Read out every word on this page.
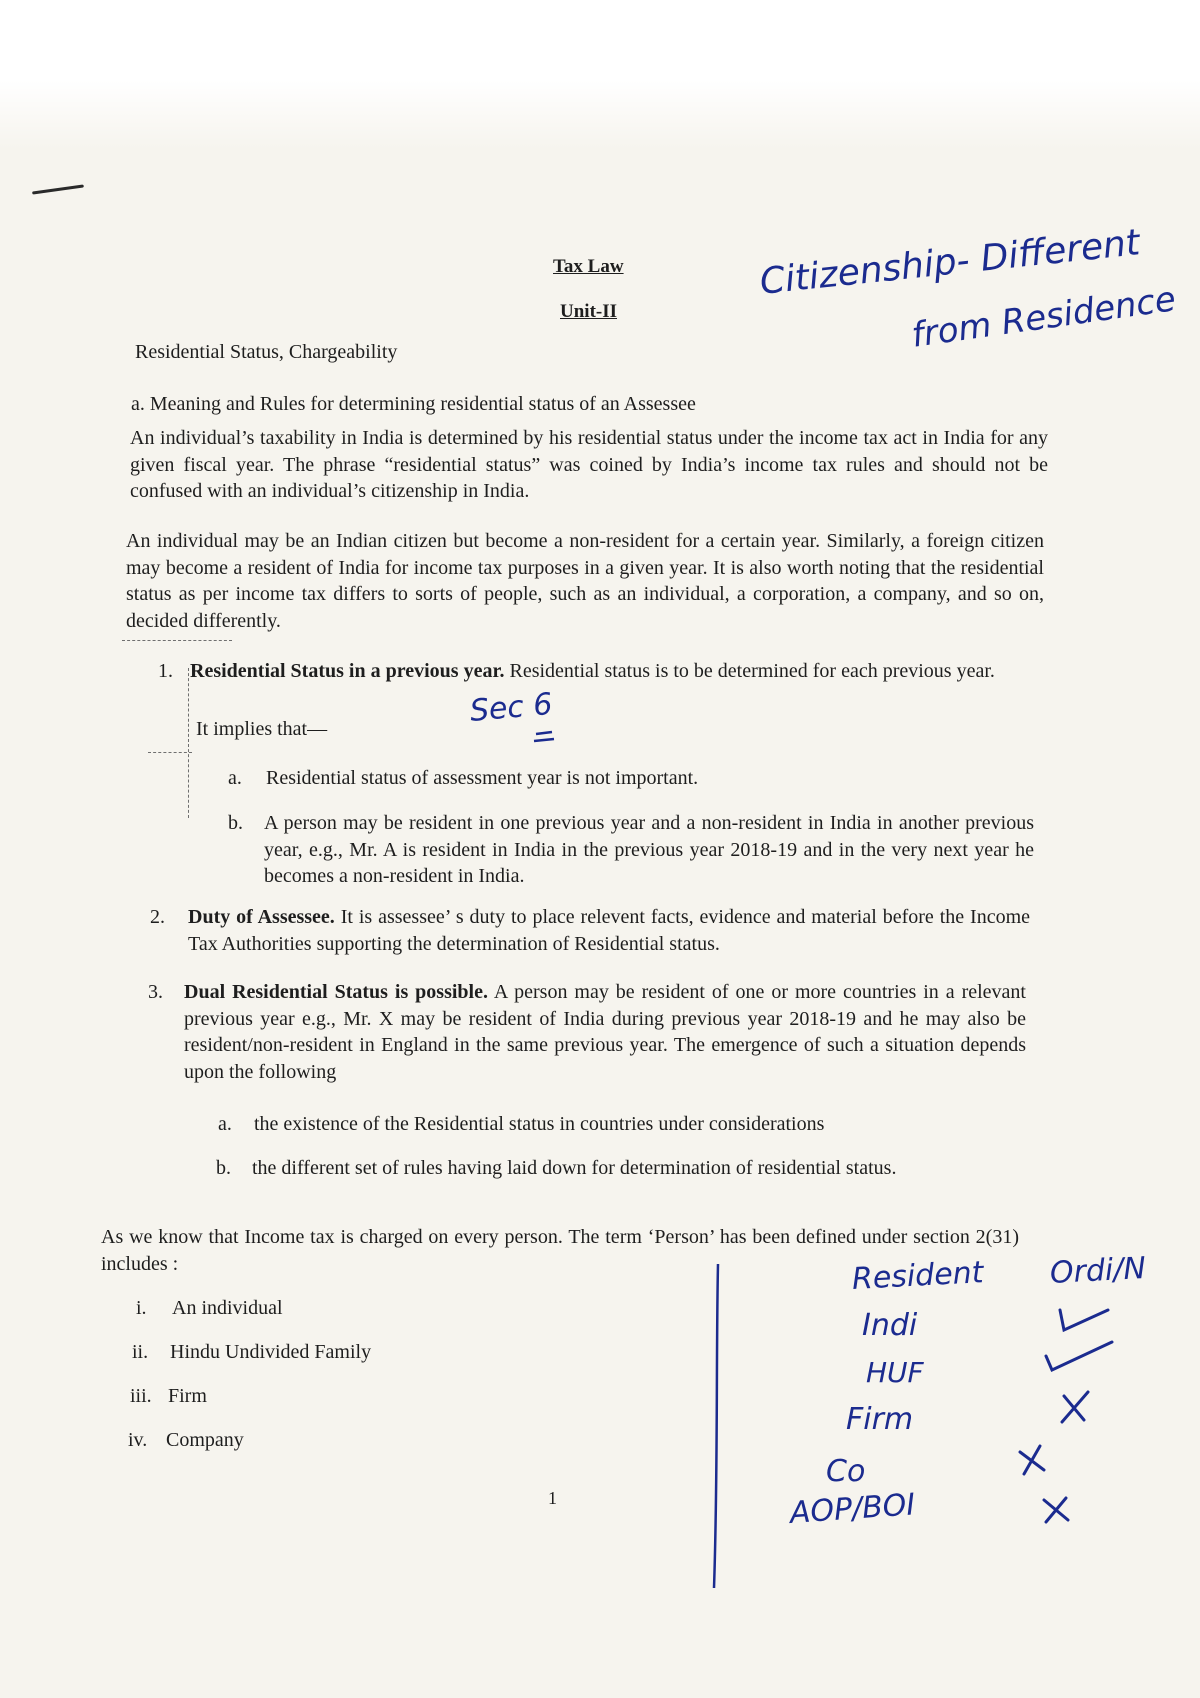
Tax Law
Unit-II
Residential Status, Chargeability
a. Meaning and Rules for determining residential status of an Assessee
An individual’s taxability in India is determined by his residential status under the income tax act in India for any given fiscal year. The phrase “residential status” was coined by India’s income tax rules and should not be confused with an individual’s citizenship in India.
An individual may be an Indian citizen but become a non-resident for a certain year. Similarly, a foreign citizen may become a resident of India for income tax purposes in a given year. It is also worth noting that the residential status as per income tax differs to sorts of people, such as an individual, a corporation, a company, and so on, decided differently.
1. Residential Status in a previous year. Residential status is to be determined for each previous year.
It implies that—
a. Residential status of assessment year is not important.
b. A person may be resident in one previous year and a non-resident in India in another previous year, e.g., Mr. A is resident in India in the previous year 2018-19 and in the very next year he becomes a non-resident in India.
2. Duty of Assessee. It is assessee’ s duty to place relevent facts, evidence and material before the Income Tax Authorities supporting the determination of Residential status.
3. Dual Residential Status is possible. A person may be resident of one or more countries in a relevant previous year e.g., Mr. X may be resident of India during previous year 2018-19 and he may also be resident/non-resident in England in the same previous year. The emergence of such a situation depends upon the following
a. the existence of the Residential status in countries under considerations
b. the different set of rules having laid down for determination of residential status.
As we know that Income tax is charged on every person. The term ‘Person’ has been defined under section 2(31) includes :
i. An individual
ii. Hindu Undivided Family
iii. Firm
iv. Company
1
Citizenship- Different
from Residence
Sec 6
Resident
Indi
HUF
Firm
Co
AOP/BOI
Ordi/N
